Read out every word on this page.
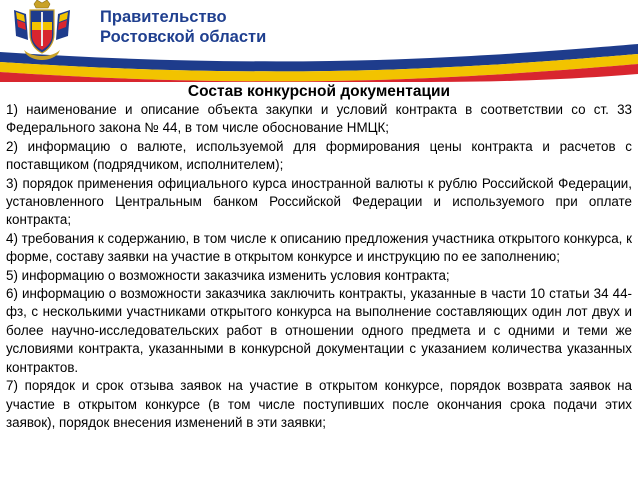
Правительство
Ростовской области
Состав конкурсной документации

1) наименование и описание объекта закупки и условий контракта в соответствии со ст. 33 Федерального закона № 44, в том числе обоснование НМЦК;

2) информацию о валюте, используемой для формирования цены контракта и расчетов с поставщиком (подрядчиком, исполнителем);

3) порядок применения официального курса иностранной валюты к рублю Российской Федерации, установленного Центральным банком Российской Федерации и используемого при оплате контракта;

4) требования к содержанию, в том числе к описанию предложения участника открытого конкурса, к форме, составу заявки на участие в открытом конкурсе и инструкцию по ее заполнению;

5) информацию о возможности заказчика изменить условия контракта;

6) информацию о возможности заказчика заключить контракты, указанные в части 10 статьи 34 44-фз, с несколькими участниками открытого конкурса на выполнение составляющих один лот двух и более научно-исследовательских работ в отношении одного предмета и с одними и теми же условиями контракта, указанными в конкурсной документации с указанием количества указанных контрактов.

7) порядок и срок отзыва заявок на участие в открытом конкурсе, порядок возврата заявок на участие в открытом конкурсе (в том числе поступивших после окончания срока подачи этих заявок), порядок внесения изменений в эти заявки;
